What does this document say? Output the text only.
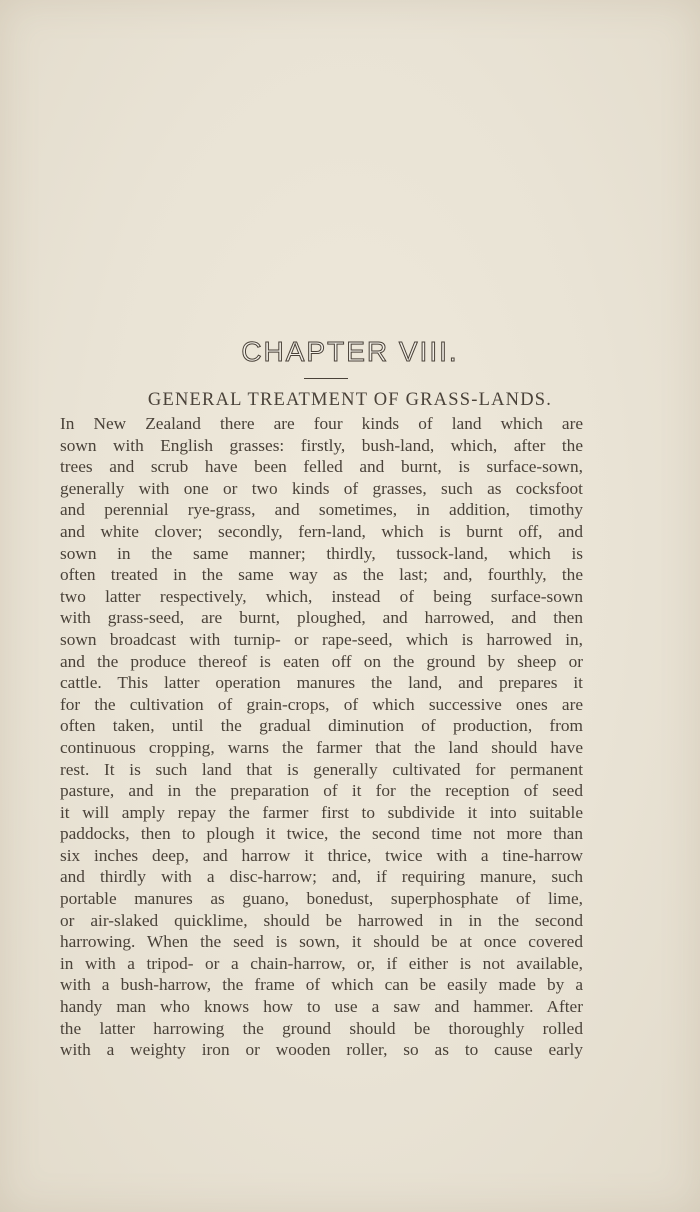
CHAPTER VIII.
GENERAL TREATMENT OF GRASS-LANDS.
In New Zealand there are four kinds of land which are
sown with English grasses: firstly, bush-land, which, after the
trees and scrub have been felled and burnt, is surface-sown,
generally with one or two kinds of grasses, such as cocksfoot
and perennial rye-grass, and sometimes, in addition, timothy
and white clover; secondly, fern-land, which is burnt off, and
sown in the same manner; thirdly, tussock-land, which is
often treated in the same way as the last; and, fourthly, the
two latter respectively, which, instead of being surface-sown
with grass-seed, are burnt, ploughed, and harrowed, and then
sown broadcast with turnip- or rape-seed, which is harrowed in,
and the produce thereof is eaten off on the ground by sheep or
cattle. This latter operation manures the land, and prepares it
for the cultivation of grain-crops, of which successive ones are
often taken, until the gradual diminution of production, from
continuous cropping, warns the farmer that the land should have
rest. It is such land that is generally cultivated for permanent
pasture, and in the preparation of it for the reception of seed
it will amply repay the farmer first to subdivide it into suitable
paddocks, then to plough it twice, the second time not more than
six inches deep, and harrow it thrice, twice with a tine-harrow
and thirdly with a disc-harrow; and, if requiring manure, such
portable manures as guano, bonedust, superphosphate of lime,
or air-slaked quicklime, should be harrowed in in the second
harrowing. When the seed is sown, it should be at once covered
in with a tripod- or a chain-harrow, or, if either is not available,
with a bush-harrow, the frame of which can be easily made by a
handy man who knows how to use a saw and hammer. After
the latter harrowing the ground should be thoroughly rolled
with a weighty iron or wooden roller, so as to cause early
